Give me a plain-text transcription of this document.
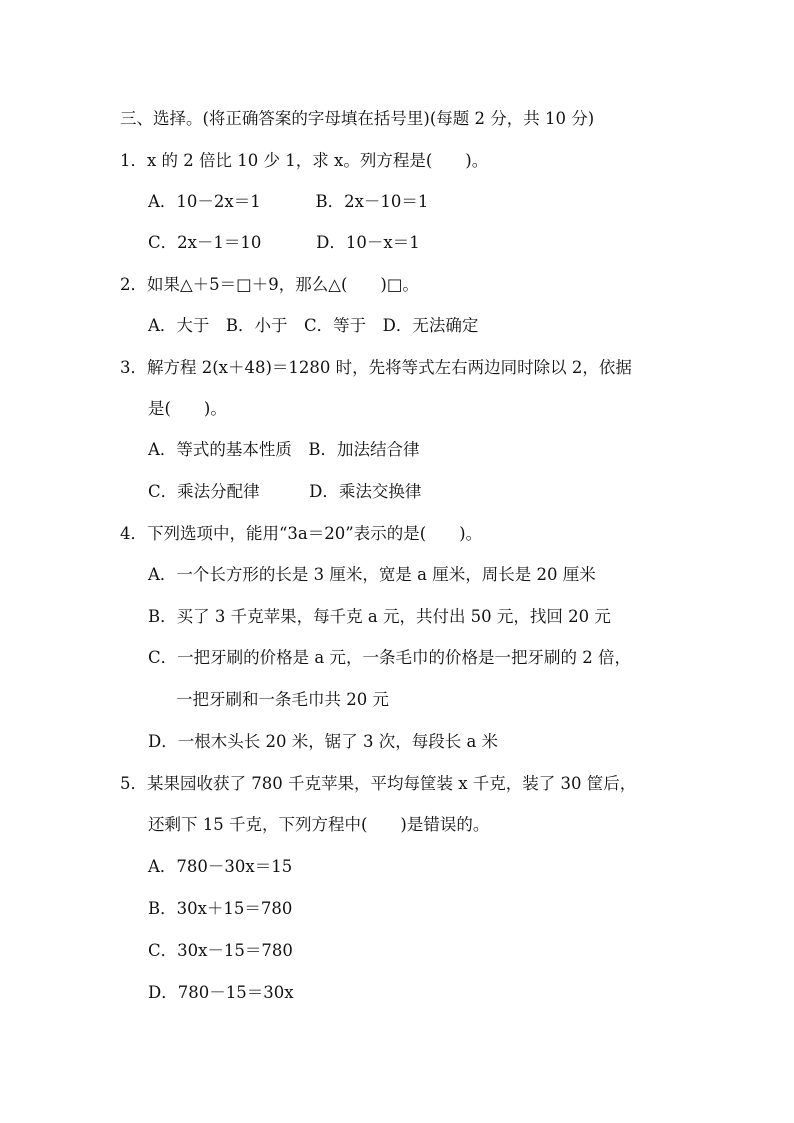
三、选择。(将正确答案的字母填在括号里)(每题 2 分，共 10 分)
1．x 的 2 倍比 10 少 1，求 x。列方程是(　　)。
A．10－2x＝1　　　 B．2x－10＝1
C．2x－1＝10　　　 D．10－x＝1
2．如果△＋5＝□＋9，那么△(　　)□。
A．大于　B．小于　C．等于　D．无法确定
3．解方程 2(x＋48)＝1280 时，先将等式左右两边同时除以 2，依据
是(　　)。
A．等式的基本性质　B．加法结合律
C．乘法分配律　　　D．乘法交换律
4．下列选项中，能用“3a＝20”表示的是(　　)。
A．一个长方形的长是 3 厘米，宽是 a 厘米，周长是 20 厘米
B．买了 3 千克苹果，每千克 a 元，共付出 50 元，找回 20 元
C．一把牙刷的价格是 a 元，一条毛巾的价格是一把牙刷的 2 倍，
一把牙刷和一条毛巾共 20 元
D．一根木头长 20 米，锯了 3 次，每段长 a 米
5．某果园收获了 780 千克苹果，平均每筐装 x 千克，装了 30 筐后，
还剩下 15 千克，下列方程中(　　)是错误的。
A．780－30x＝15
B．30x＋15＝780
C．30x－15＝780
D．780－15＝30x
